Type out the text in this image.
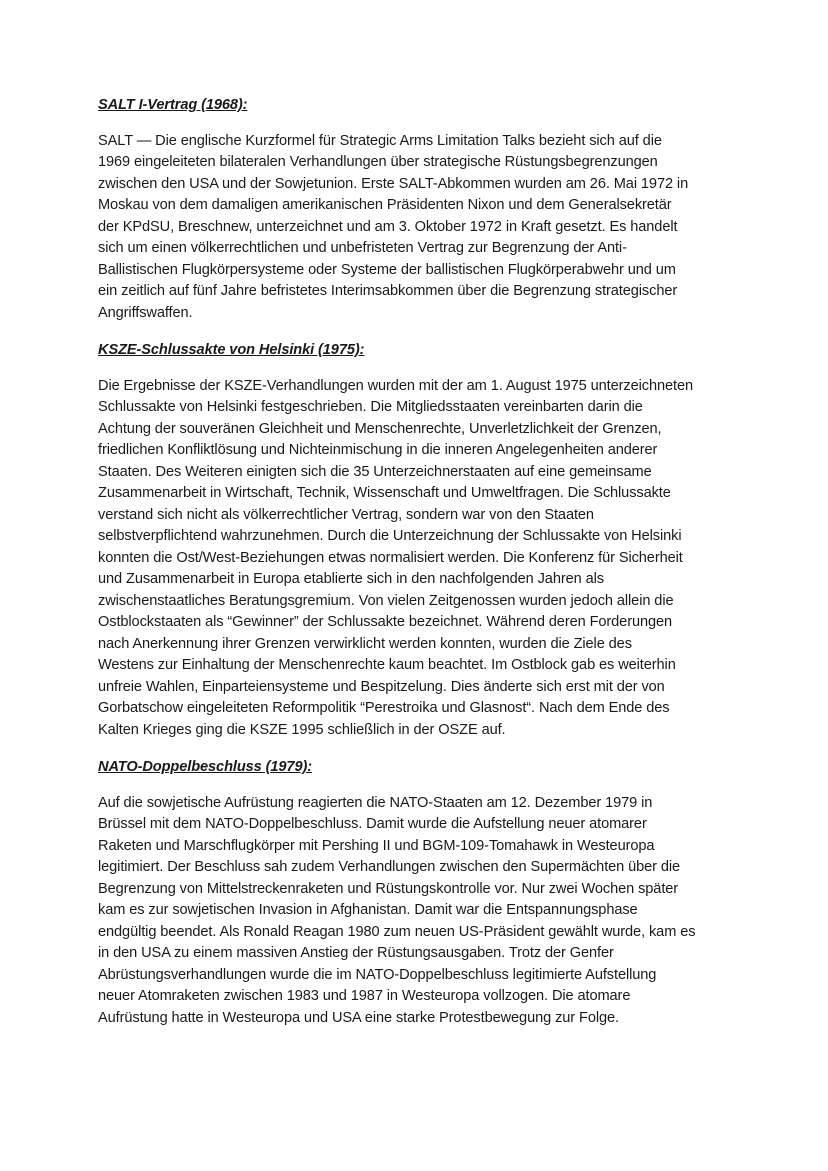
SALT I-Vertrag (1968):

SALT — Die englische Kurzformel für Strategic Arms Limitation Talks bezieht sich auf die
1969 eingeleiteten bilateralen Verhandlungen über strategische Rüstungsbegrenzungen
zwischen den USA und der Sowjetunion. Erste SALT-Abkommen wurden am 26. Mai 1972 in
Moskau von dem damaligen amerikanischen Präsidenten Nixon und dem Generalsekretär
der KPdSU, Breschnew, unterzeichnet und am 3. Oktober 1972 in Kraft gesetzt. Es handelt
sich um einen völkerrechtlichen und unbefristeten Vertrag zur Begrenzung der Anti-
Ballistischen Flugkörpersysteme oder Systeme der ballistischen Flugkörperabwehr und um
ein zeitlich auf fünf Jahre befristetes Interimsabkommen über die Begrenzung strategischer
Angriffswaffen.

KSZE-Schlussakte von Helsinki (1975):

Die Ergebnisse der KSZE-Verhandlungen wurden mit der am 1. August 1975 unterzeichneten
Schlussakte von Helsinki festgeschrieben. Die Mitgliedsstaaten vereinbarten darin die
Achtung der souveränen Gleichheit und Menschenrechte, Unverletzlichkeit der Grenzen,
friedlichen Konfliktlösung und Nichteinmischung in die inneren Angelegenheiten anderer
Staaten. Des Weiteren einigten sich die 35 Unterzeichnerstaaten auf eine gemeinsame
Zusammenarbeit in Wirtschaft, Technik, Wissenschaft und Umweltfragen. Die Schlussakte
verstand sich nicht als völkerrechtlicher Vertrag, sondern war von den Staaten
selbstverpflichtend wahrzunehmen. Durch die Unterzeichnung der Schlussakte von Helsinki
konnten die Ost/West-Beziehungen etwas normalisiert werden. Die Konferenz für Sicherheit
und Zusammenarbeit in Europa etablierte sich in den nachfolgenden Jahren als
zwischenstaatliches Beratungsgremium. Von vielen Zeitgenossen wurden jedoch allein die
Ostblockstaaten als “Gewinner” der Schlussakte bezeichnet. Während deren Forderungen
nach Anerkennung ihrer Grenzen verwirklicht werden konnten, wurden die Ziele des
Westens zur Einhaltung der Menschenrechte kaum beachtet. Im Ostblock gab es weiterhin
unfreie Wahlen, Einparteiensysteme und Bespitzelung. Dies änderte sich erst mit der von
Gorbatschow eingeleiteten Reformpolitik “Perestroika und Glasnost“. Nach dem Ende des
Kalten Krieges ging die KSZE 1995 schließlich in der OSZE auf.

NATO-Doppelbeschluss (1979):

Auf die sowjetische Aufrüstung reagierten die NATO-Staaten am 12. Dezember 1979 in
Brüssel mit dem NATO-Doppelbeschluss. Damit wurde die Aufstellung neuer atomarer
Raketen und Marschflugkörper mit Pershing II und BGM-109-Tomahawk in Westeuropa
legitimiert. Der Beschluss sah zudem Verhandlungen zwischen den Supermächten über die
Begrenzung von Mittelstreckenraketen und Rüstungskontrolle vor. Nur zwei Wochen später
kam es zur sowjetischen Invasion in Afghanistan. Damit war die Entspannungsphase
endgültig beendet. Als Ronald Reagan 1980 zum neuen US-Präsident gewählt wurde, kam es
in den USA zu einem massiven Anstieg der Rüstungsausgaben. Trotz der Genfer
Abrüstungsverhandlungen wurde die im NATO-Doppelbeschluss legitimierte Aufstellung
neuer Atomraketen zwischen 1983 und 1987 in Westeuropa vollzogen. Die atomare
Aufrüstung hatte in Westeuropa und USA eine starke Protestbewegung zur Folge.
